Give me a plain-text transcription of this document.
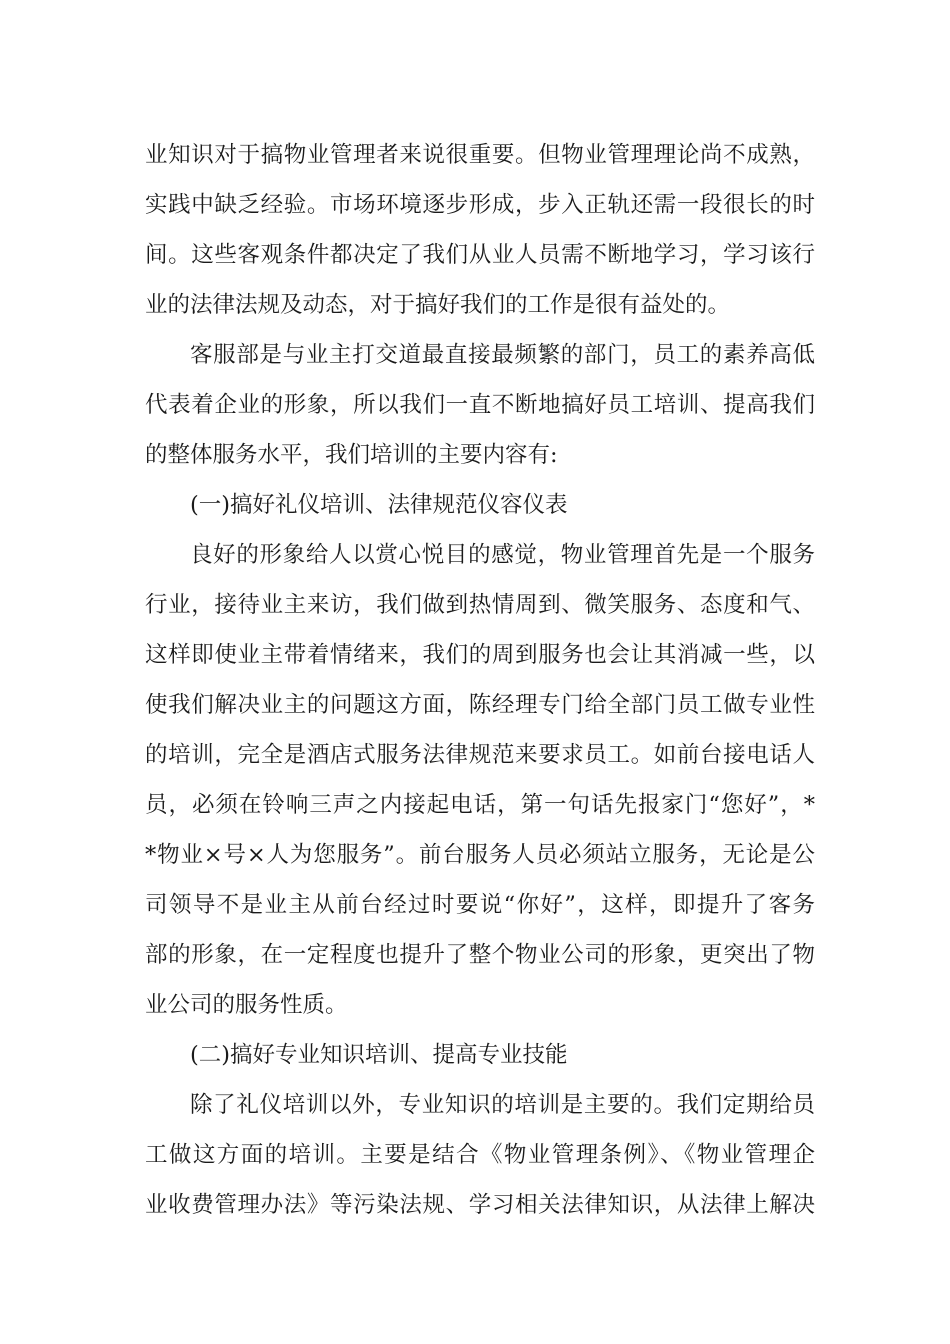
业知识对于搞物业管理者来说很重要。但物业管理理论尚不成熟，
实践中缺乏经验。市场环境逐步形成，步入正轨还需一段很长的时
间。这些客观条件都决定了我们从业人员需不断地学习，学习该行
业的法律法规及动态，对于搞好我们的工作是很有益处的。
客服部是与业主打交道最直接最频繁的部门，员工的素养高低
代表着企业的形象，所以我们一直不断地搞好员工培训、提高我们
的整体服务水平，我们培训的主要内容有:
(一)搞好礼仪培训、法律规范仪容仪表
良好的形象给人以赏心悦目的感觉，物业管理首先是一个服务
行业，接待业主来访，我们做到热情周到、微笑服务、态度和气、
这样即使业主带着情绪来，我们的周到服务也会让其消减一些，以
使我们解决业主的问题这方面，陈经理专门给全部门员工做专业性
的培训，完全是酒店式服务法律规范来要求员工。如前台接电话人
员，必须在铃响三声之内接起电话，第一句话先报家门“您好”，*
*物业×号×人为您服务”。前台服务人员必须站立服务，无论是公
司领导不是业主从前台经过时要说“你好”，这样，即提升了客务
部的形象，在一定程度也提升了整个物业公司的形象，更突出了物
业公司的服务性质。
(二)搞好专业知识培训、提高专业技能
除了礼仪培训以外，专业知识的培训是主要的。我们定期给员
工做这方面的培训。主要是结合《物业管理条例》、《物业管理企
业收费管理办法》等污染法规、学习相关法律知识，从法律上解决
